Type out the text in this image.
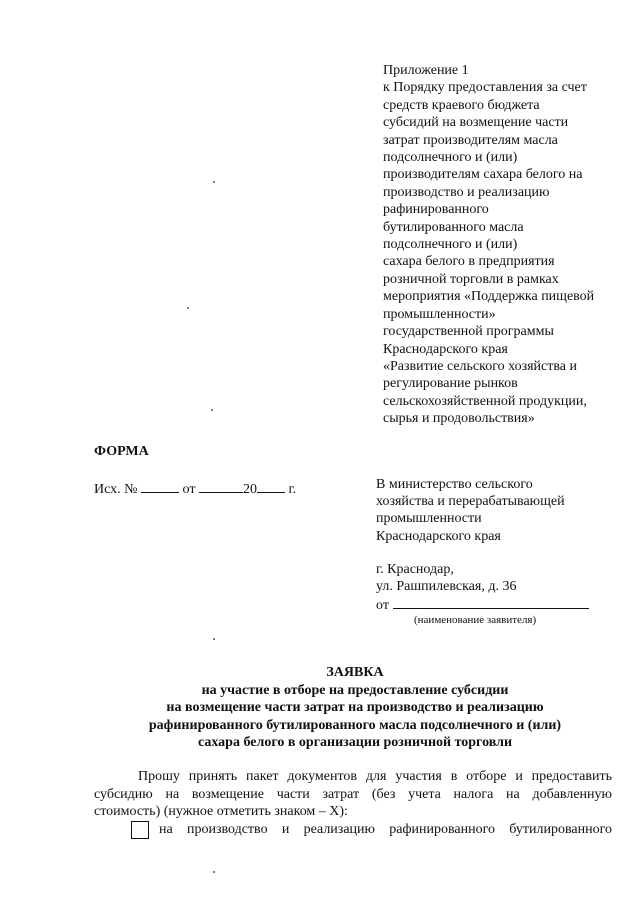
Приложение 1
к Порядку предоставления за счет
средств краевого бюджета
субсидий на возмещение части
затрат производителям масла
подсолнечного и (или)
производителям сахара белого на
производство и реализацию
рафинированного
бутилированного масла
подсолнечного и (или)
сахара белого в предприятия
розничной торговли в рамках
мероприятия «Поддержка пищевой
промышленности»
государственной программы
Краснодарского края
«Развитие сельского хозяйства и
регулирование рынков
сельскохозяйственной продукции,
сырья и продовольствия»
ФОРМА
Исх. №	от	20 г.	В министерство сельского
хозяйства и перерабатывающей
промышленности
Краснодарского края
г. Краснодар,
ул. Рашпилевская, д. 36
от
(наименование заявителя)
ЗАЯВКА
на участие в отборе на предоставление субсидии
на возмещение части затрат на производство и реализацию
рафинированного бутилированного масла подсолнечного и (или)
сахара белого в организации розничной торговли
Прошу принять пакет документов для участия в отборе и предоставить
субсидию на возмещение части затрат (без учета налога на добавленную
стоимость) (нужное отметить знаком – Х):
на производство и реализацию рафинированного бутилированного
